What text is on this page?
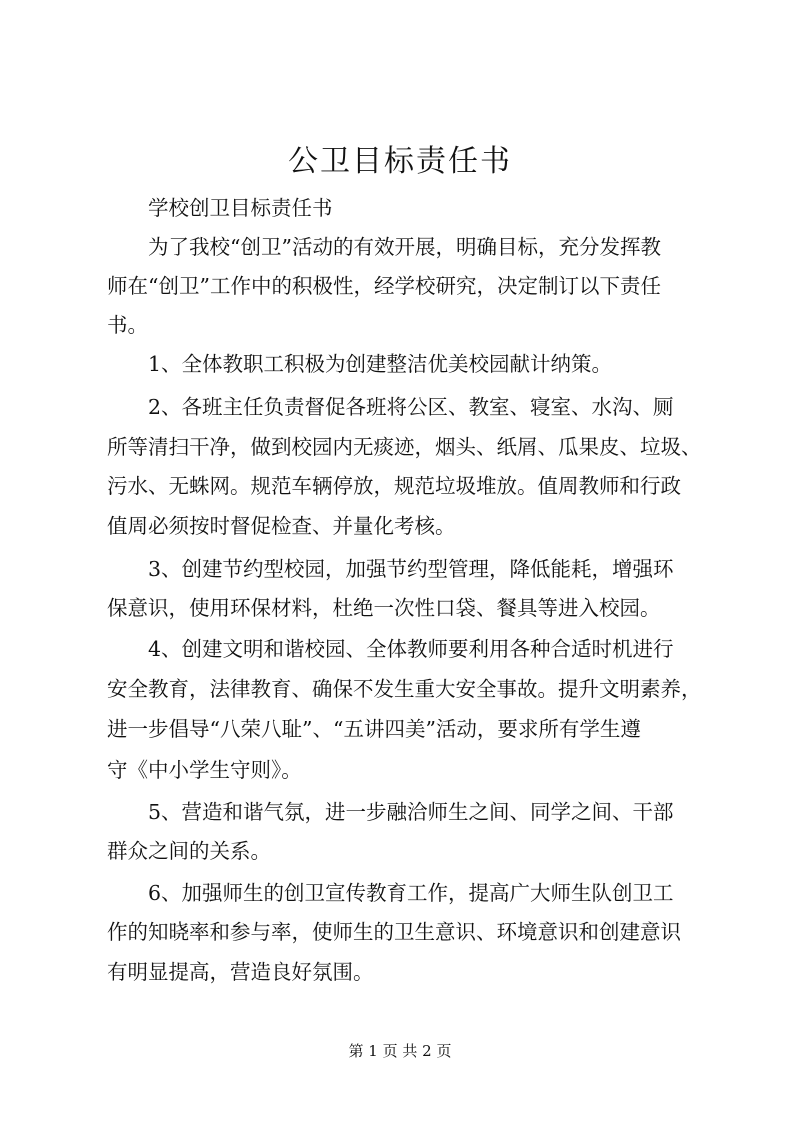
公卫目标责任书
学校创卫目标责任书
为了我校“创卫”活动的有效开展，明确目标，充分发挥教
师在“创卫”工作中的积极性，经学校研究，决定制订以下责任
书。
1、全体教职工积极为创建整洁优美校园献计纳策。
2、各班主任负责督促各班将公区、教室、寝室、水沟、厕
所等清扫干净，做到校园内无痰迹，烟头、纸屑、瓜果皮、垃圾、
污水、无蛛网。规范车辆停放，规范垃圾堆放。值周教师和行政
值周必须按时督促检查、并量化考核。
3、创建节约型校园，加强节约型管理，降低能耗，增强环
保意识，使用环保材料，杜绝一次性口袋、餐具等进入校园。
4、创建文明和谐校园、全体教师要利用各种合适时机进行
安全教育，法律教育、确保不发生重大安全事故。提升文明素养，
进一步倡导“八荣八耻”、“五讲四美”活动，要求所有学生遵
守《中小学生守则》。
5、营造和谐气氛，进一步融洽师生之间、同学之间、干部
群众之间的关系。
6、加强师生的创卫宣传教育工作，提高广大师生队创卫工
作的知晓率和参与率，使师生的卫生意识、环境意识和创建意识
有明显提高，营造良好氛围。
第 1 页 共 2 页
